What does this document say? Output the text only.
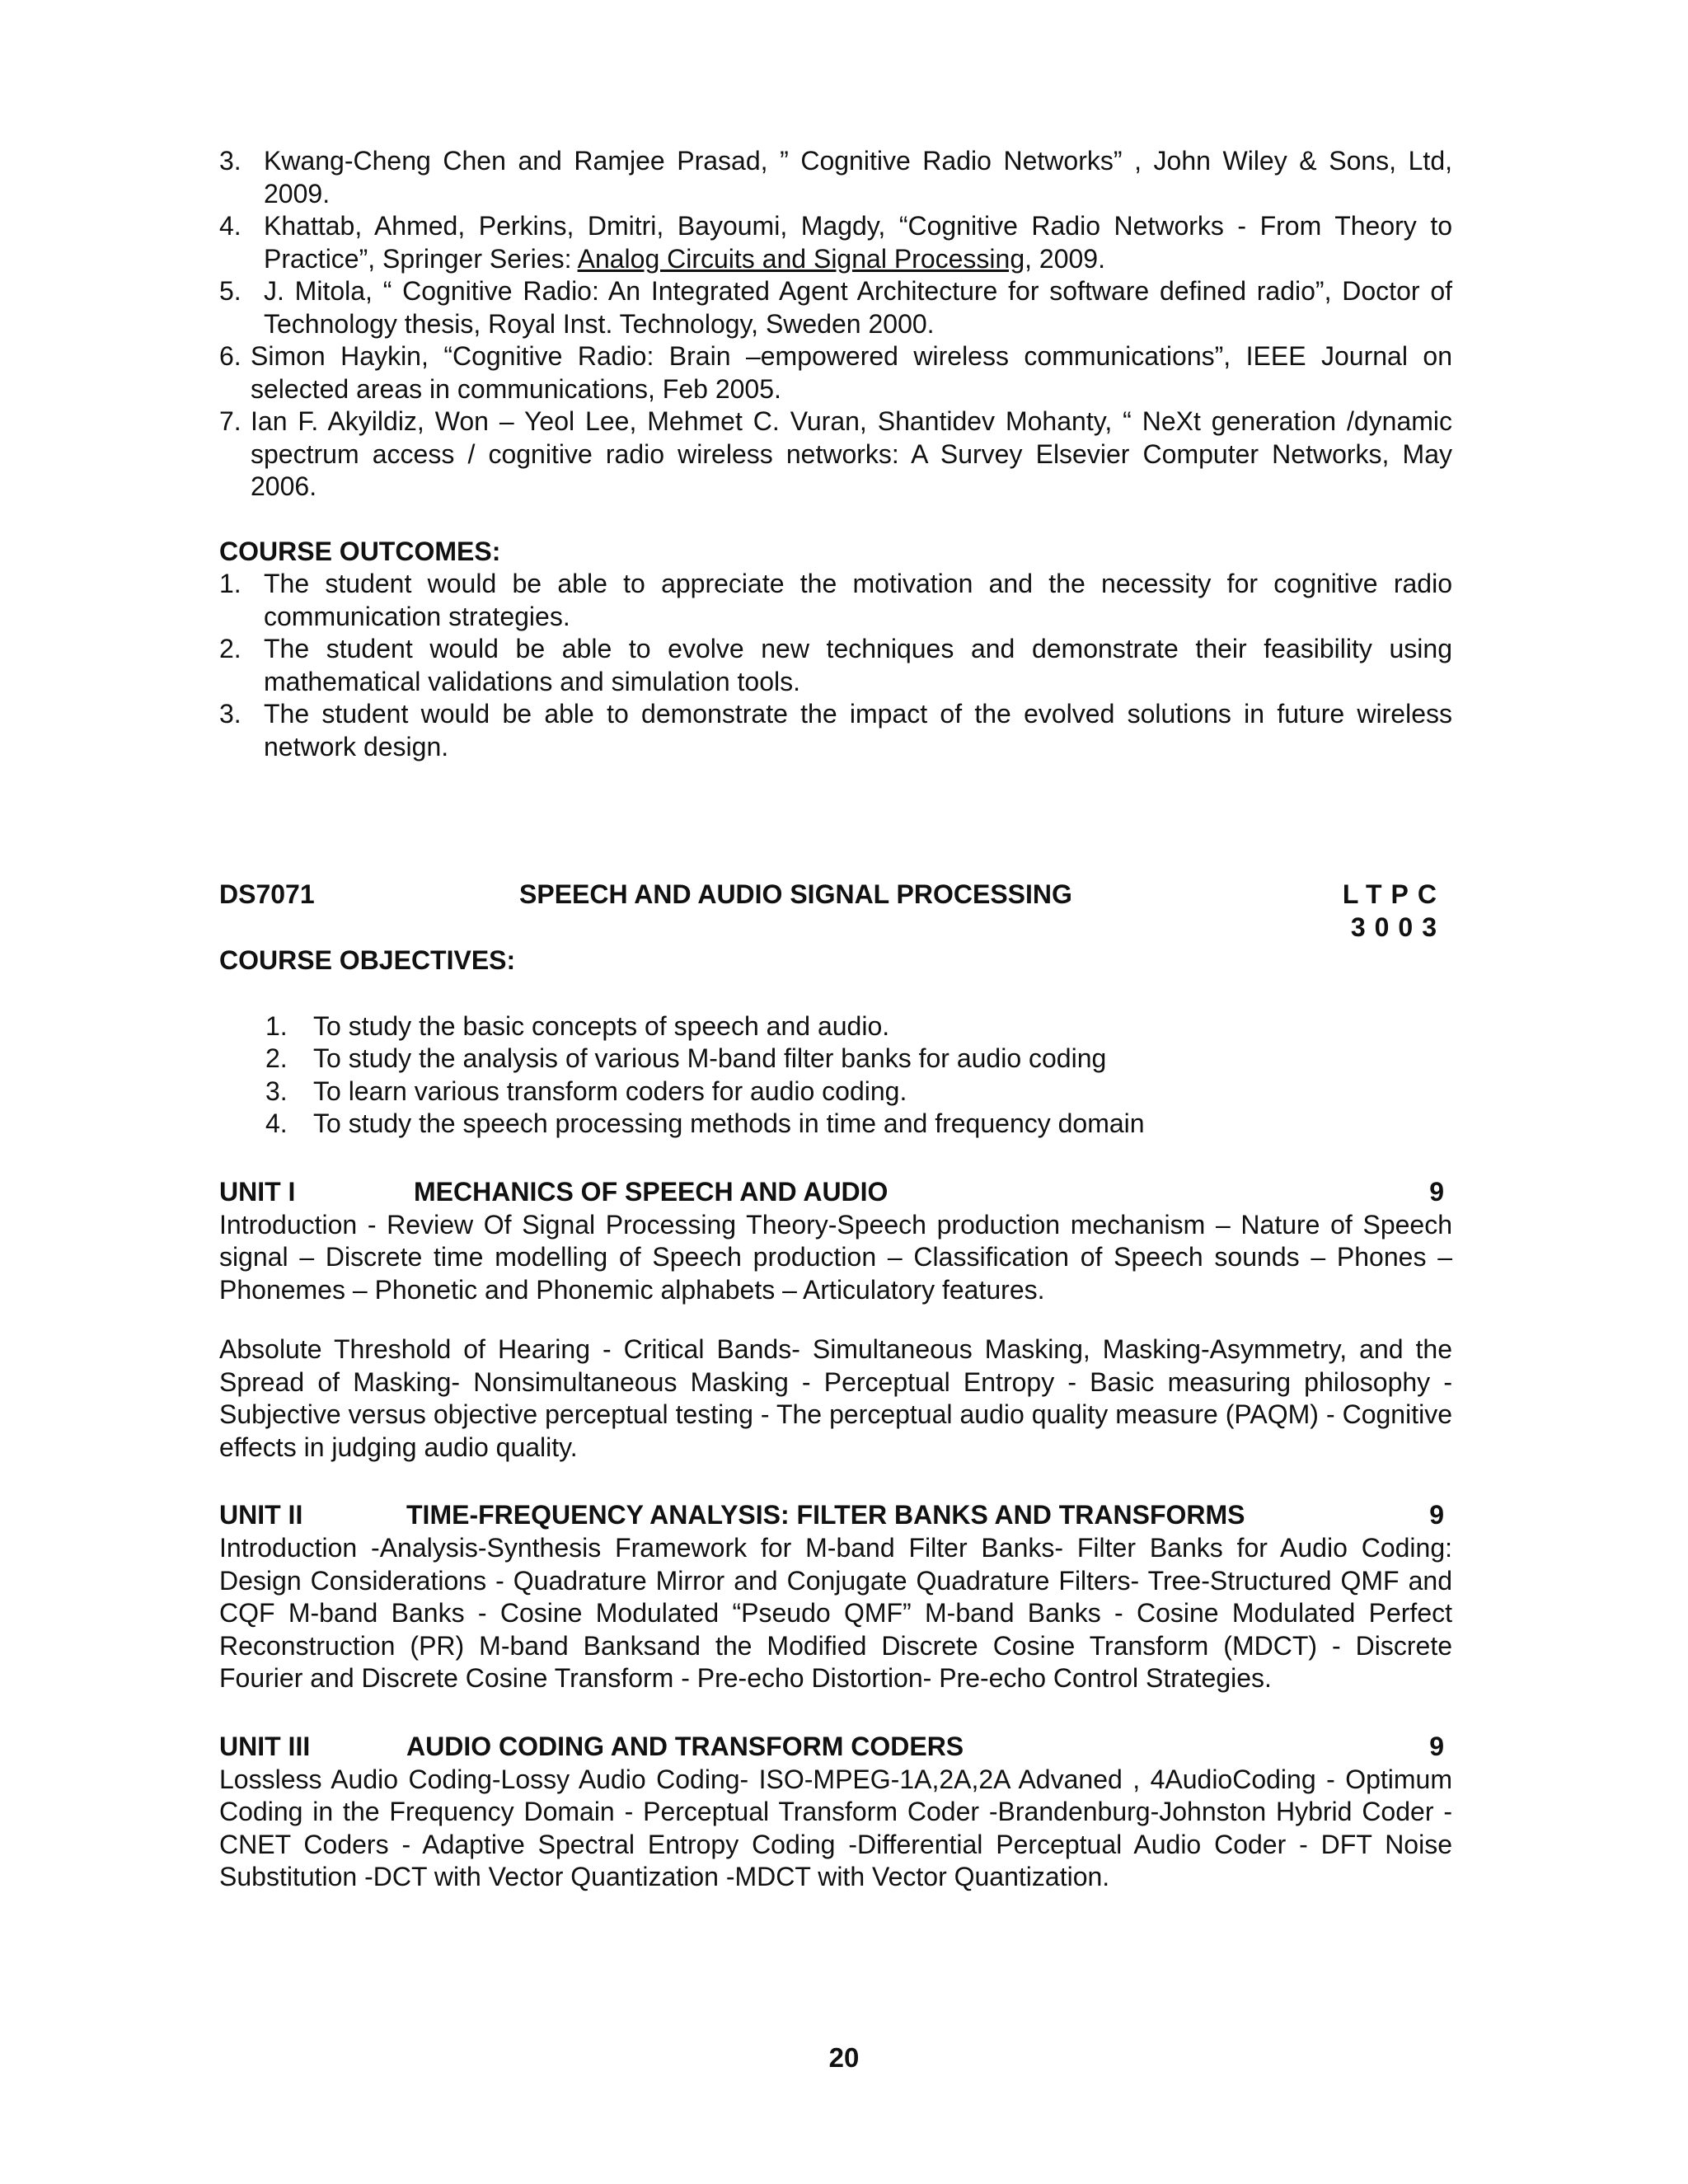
3. Kwang-Cheng Chen and Ramjee Prasad, ” Cognitive Radio Networks” , John Wiley & Sons, Ltd, 2009.
4. Khattab, Ahmed, Perkins, Dmitri, Bayoumi, Magdy, “Cognitive Radio Networks - From Theory to Practice”, Springer Series: Analog Circuits and Signal Processing, 2009.
5. J. Mitola, “ Cognitive Radio: An Integrated Agent Architecture for software defined radio”, Doctor of Technology thesis, Royal Inst. Technology, Sweden 2000.
6. Simon Haykin, “Cognitive Radio: Brain –empowered wireless communications”, IEEE Journal on selected areas in communications, Feb 2005.
7. Ian F. Akyildiz, Won – Yeol Lee, Mehmet C. Vuran, Shantidev Mohanty, “ NeXt generation /dynamic spectrum access / cognitive radio wireless networks: A Survey Elsevier Computer Networks, May 2006.

COURSE OUTCOMES:

1. The student would be able to appreciate the motivation and the necessity for cognitive radio communication strategies.
2. The student would be able to evolve new techniques and demonstrate their feasibility using mathematical validations and simulation tools.
3. The student would be able to demonstrate the impact of the evolved solutions in future wireless network design.
DS7071	SPEECH AND AUDIO SIGNAL PROCESSING	LTPC
3003

COURSE OBJECTIVES:

1. To study the basic concepts of speech and audio.
2. To study the analysis of various M-band filter banks for audio coding
3. To learn various transform coders for audio coding.
4. To study the speech processing methods in time and frequency domain
UNIT I	MECHANICS OF SPEECH AND AUDIO	9

Introduction - Review Of Signal Processing Theory-Speech production mechanism – Nature of Speech signal – Discrete time modelling of Speech production – Classification of Speech sounds – Phones – Phonemes – Phonetic and Phonemic alphabets – Articulatory features.

Absolute Threshold of Hearing - Critical Bands- Simultaneous Masking, Masking-Asymmetry, and the Spread of Masking- Nonsimultaneous Masking - Perceptual Entropy - Basic measuring philosophy -Subjective versus objective perceptual testing - The perceptual audio quality measure (PAQM) - Cognitive effects in judging audio quality.

UNIT II	TIME-FREQUENCY ANALYSIS: FILTER BANKS AND TRANSFORMS	9

Introduction -Analysis-Synthesis Framework for M-band Filter Banks- Filter Banks for Audio Coding: Design Considerations - Quadrature Mirror and Conjugate Quadrature Filters- Tree-Structured QMF and CQF M-band Banks - Cosine Modulated “Pseudo QMF” M-band Banks - Cosine Modulated Perfect Reconstruction (PR) M-band Banksand the Modified Discrete Cosine Transform (MDCT) - Discrete Fourier and Discrete Cosine Transform - Pre-echo Distortion- Pre-echo Control Strategies.

UNIT III	AUDIO CODING AND TRANSFORM CODERS	9

Lossless Audio Coding-Lossy Audio Coding- ISO-MPEG-1A,2A,2A Advaned , 4AudioCoding - Optimum Coding in the Frequency Domain - Perceptual Transform Coder -Brandenburg-Johnston Hybrid Coder - CNET Coders - Adaptive Spectral Entropy Coding -Differential Perceptual Audio Coder - DFT Noise Substitution -DCT with Vector Quantization -MDCT with Vector Quantization.

20
